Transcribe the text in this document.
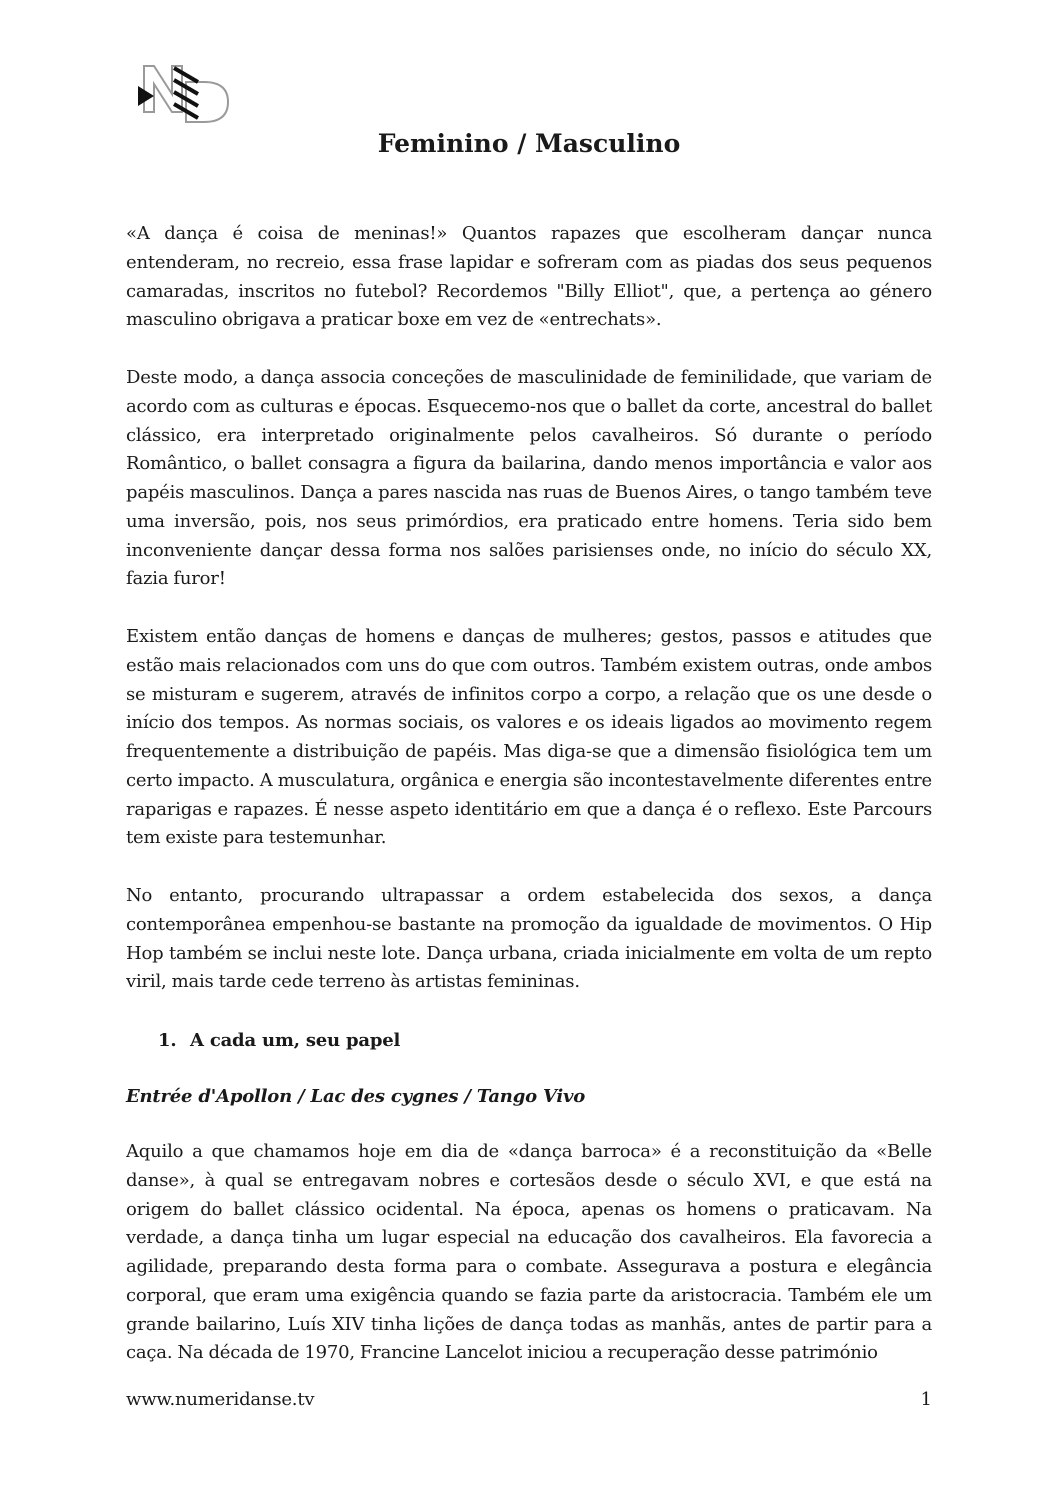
Feminino / Masculino

«A dança é coisa de meninas!» Quantos rapazes que escolheram dançar nunca entenderam, no recreio, essa frase lapidar e sofreram com as piadas dos seus pequenos camaradas, inscritos no futebol? Recordemos "Billy Elliot", que, a pertença ao género masculino obrigava a praticar boxe em vez de «entrechats».

Deste modo, a dança associa conceções de masculinidade de feminilidade, que variam de acordo com as culturas e épocas. Esquecemo-nos que o ballet da corte, ancestral do ballet clássico, era interpretado originalmente pelos cavalheiros. Só durante o período Romântico, o ballet consagra a figura da bailarina, dando menos importância e valor aos papéis masculinos. Dança a pares nascida nas ruas de Buenos Aires, o tango também teve uma inversão, pois, nos seus primórdios, era praticado entre homens. Teria sido bem inconveniente dançar dessa forma nos salões parisienses onde, no início do século XX, fazia furor!

Existem então danças de homens e danças de mulheres; gestos, passos e atitudes que estão mais relacionados com uns do que com outros. Também existem outras, onde ambos se misturam e sugerem, através de infinitos corpo a corpo, a relação que os une desde o início dos tempos. As normas sociais, os valores e os ideais ligados ao movimento regem frequentemente a distribuição de papéis. Mas diga-se que a dimensão fisiológica tem um certo impacto. A musculatura, orgânica e energia são incontestavelmente diferentes entre raparigas e rapazes. É nesse aspeto identitário em que a dança é o reflexo. Este Parcours tem existe para testemunhar.

No entanto, procurando ultrapassar a ordem estabelecida dos sexos, a dança contemporânea empenhou-se bastante na promoção da igualdade de movimentos. O Hip Hop também se inclui neste lote. Dança urbana, criada inicialmente em volta de um repto viril, mais tarde cede terreno às artistas femininas.

1. A cada um, seu papel
Entrée d'Apollon / Lac des cygnes / Tango Vivo

Aquilo a que chamamos hoje em dia de «dança barroca» é a reconstituição da «Belle danse», à qual se entregavam nobres e cortesãos desde o século XVI, e que está na origem do ballet clássico ocidental. Na época, apenas os homens o praticavam. Na verdade, a dança tinha um lugar especial na educação dos cavalheiros. Ela favorecia a agilidade, preparando desta forma para o combate. Assegurava a postura e elegância corporal, que eram uma exigência quando se fazia parte da aristocracia. Também ele um grande bailarino, Luís XIV tinha lições de dança todas as manhãs, antes de partir para a caça. Na década de 1970, Francine Lancelot iniciou a recuperação desse património

www.numeridanse.tv	1
